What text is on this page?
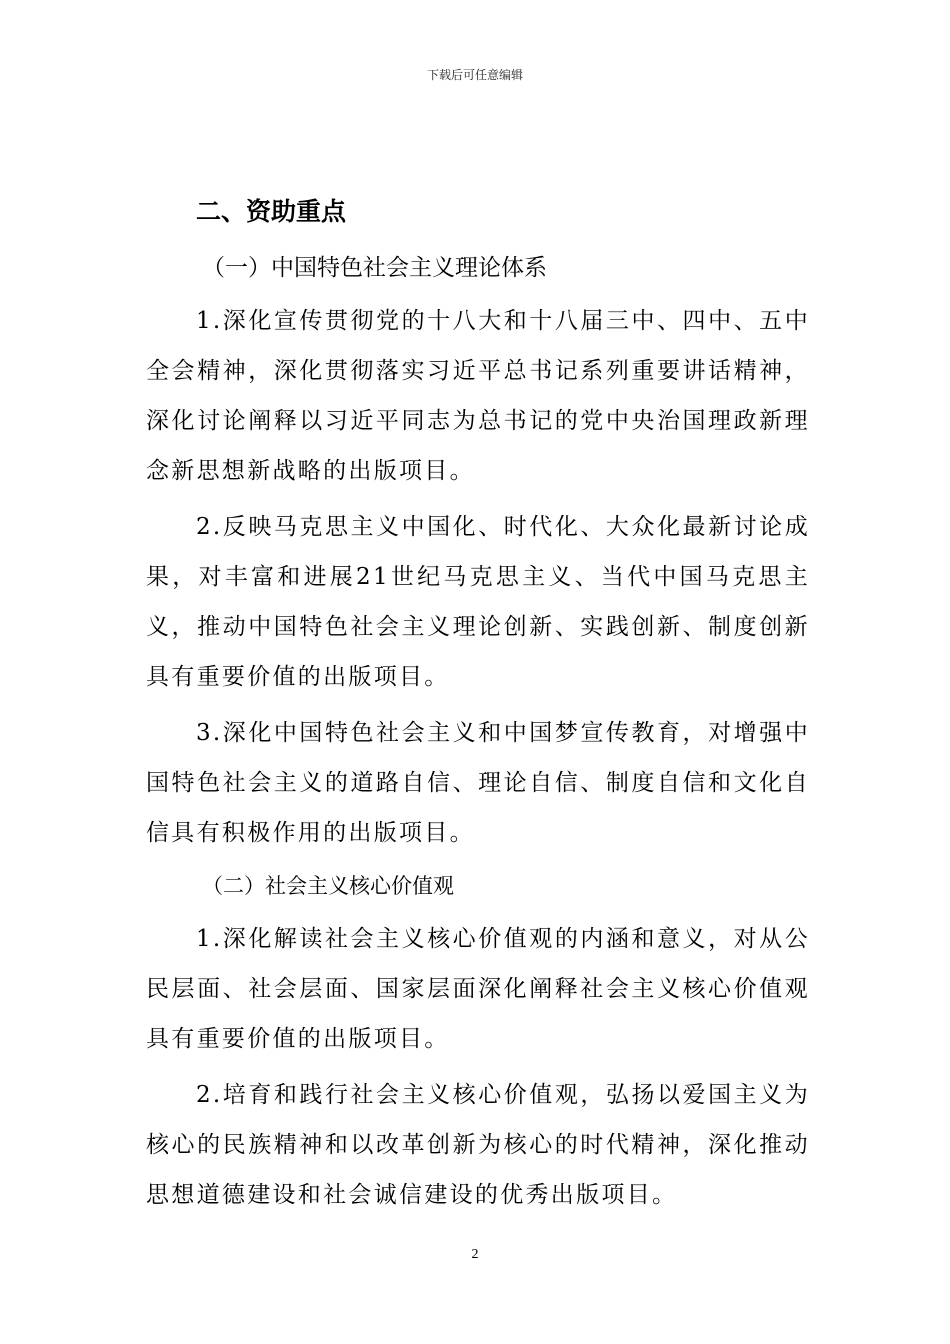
下载后可任意编辑
二、资助重点
（一）中国特色社会主义理论体系

1.深化宣传贯彻党的十八大和十八届三中、四中、五中全会精神，深化贯彻落实习近平总书记系列重要讲话精神，深化讨论阐释以习近平同志为总书记的党中央治国理政新理念新思想新战略的出版项目。

2.反映马克思主义中国化、时代化、大众化最新讨论成果，对丰富和进展21世纪马克思主义、当代中国马克思主义，推动中国特色社会主义理论创新、实践创新、制度创新具有重要价值的出版项目。

3.深化中国特色社会主义和中国梦宣传教育，对增强中国特色社会主义的道路自信、理论自信、制度自信和文化自信具有积极作用的出版项目。

（二）社会主义核心价值观

1.深化解读社会主义核心价值观的内涵和意义，对从公民层面、社会层面、国家层面深化阐释社会主义核心价值观具有重要价值的出版项目。

2.培育和践行社会主义核心价值观，弘扬以爱国主义为核心的民族精神和以改革创新为核心的时代精神，深化推动思想道德建设和社会诚信建设的优秀出版项目。

2
